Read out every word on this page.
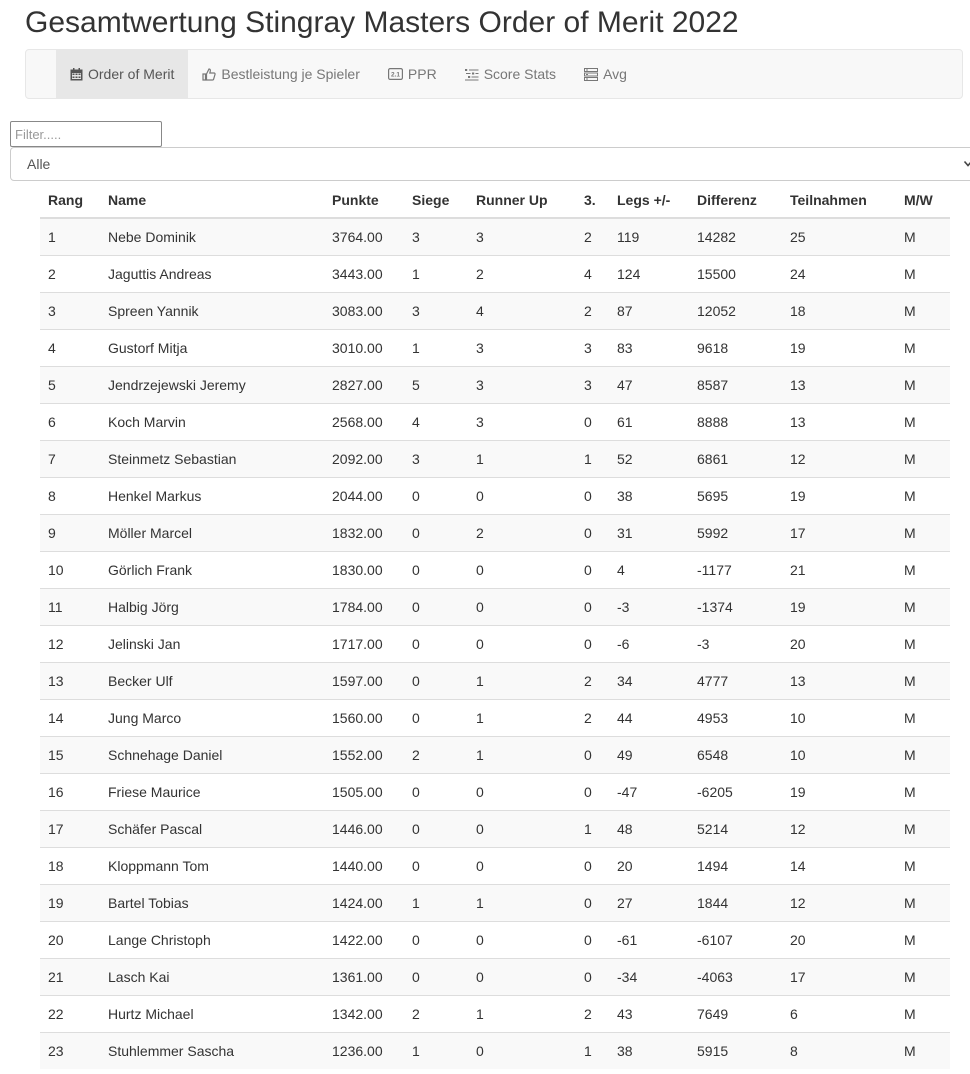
Gesamtwertung Stingray Masters Order of Merit 2022
Order of Merit	Bestleistung je Spieler	2.1 PPR	Score Stats	Avg
Filter.....
Alle
Rang	Name	Punkte	Siege	Runner Up	3.	Legs +/-	Differenz	Teilnahmen	M/W
1	Nebe Dominik	3764.00	3	3	2	119	14282	25	M
2	Jaguttis Andreas	3443.00	1	2	4	124	15500	24	M
3	Spreen Yannik	3083.00	3	4	2	87	12052	18	M
4	Gustorf Mitja	3010.00	1	3	3	83	9618	19	M
5	Jendrzejewski Jeremy	2827.00	5	3	3	47	8587	13	M
6	Koch Marvin	2568.00	4	3	0	61	8888	13	M
7	Steinmetz Sebastian	2092.00	3	1	1	52	6861	12	M
8	Henkel Markus	2044.00	0	0	0	38	5695	19	M
9	Möller Marcel	1832.00	0	2	0	31	5992	17	M
10	Görlich Frank	1830.00	0	0	0	4	-1177	21	M
11	Halbig Jörg	1784.00	0	0	0	-3	-1374	19	M
12	Jelinski Jan	1717.00	0	0	0	-6	-3	20	M
13	Becker Ulf	1597.00	0	1	2	34	4777	13	M
14	Jung Marco	1560.00	0	1	2	44	4953	10	M
15	Schnehage Daniel	1552.00	2	1	0	49	6548	10	M
16	Friese Maurice	1505.00	0	0	0	-47	-6205	19	M
17	Schäfer Pascal	1446.00	0	0	1	48	5214	12	M
18	Kloppmann Tom	1440.00	0	0	0	20	1494	14	M
19	Bartel Tobias	1424.00	1	1	0	27	1844	12	M
20	Lange Christoph	1422.00	0	0	0	-61	-6107	20	M
21	Lasch Kai	1361.00	0	0	0	-34	-4063	17	M
22	Hurtz Michael	1342.00	2	1	2	43	7649	6	M
23	Stuhlemmer Sascha	1236.00	1	0	1	38	5915	8	M
